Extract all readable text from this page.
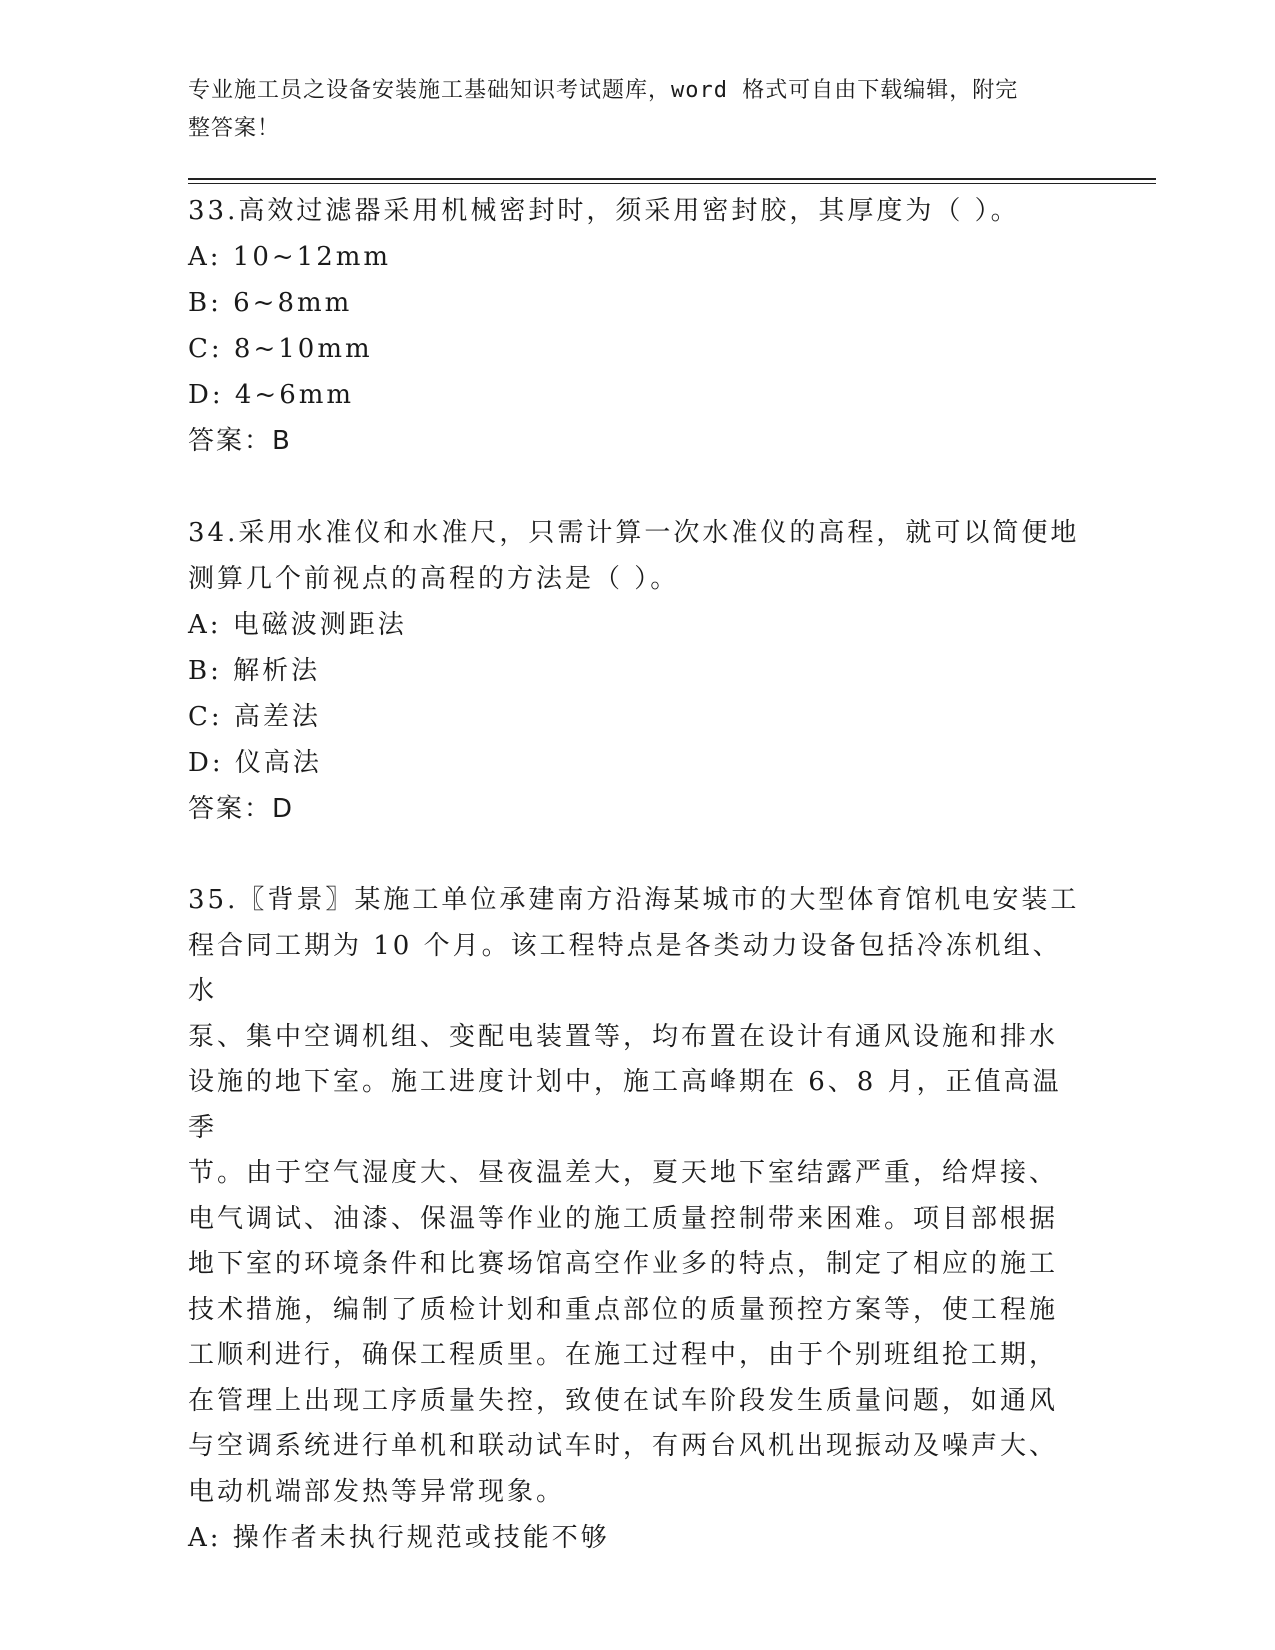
专业施工员之设备安装施工基础知识考试题库，word 格式可自由下载编辑，附完
整答案！

33.高效过滤器采用机械密封时，须采用密封胶，其厚度为（ ）。

A: 10~12mm

B: 6~8mm

C: 8~10mm

D: 4~6mm

答案：B

34.采用水准仪和水准尺，只需计算一次水准仪的高程，就可以简便地

测算几个前视点的高程的方法是（ ）。

A: 电磁波测距法

B: 解析法

C: 高差法

D: 仪高法

答案：D

35.〖背景〗某施工单位承建南方沿海某城市的大型体育馆机电安装工

程合同工期为 10 个月。该工程特点是各类动力设备包括冷冻机组、水

泵、集中空调机组、变配电装置等，均布置在设计有通风设施和排水

设施的地下室。施工进度计划中，施工高峰期在 6、8 月，正值高温季

节。由于空气湿度大、昼夜温差大，夏天地下室结露严重，给焊接、

电气调试、油漆、保温等作业的施工质量控制带来困难。项目部根据

地下室的环境条件和比赛场馆高空作业多的特点，制定了相应的施工

技术措施，编制了质检计划和重点部位的质量预控方案等，使工程施

工顺利进行，确保工程质里。在施工过程中，由于个别班组抢工期，

在管理上出现工序质量失控，致使在试车阶段发生质量问题，如通风

与空调系统进行单机和联动试车时，有两台风机出现振动及噪声大、

电动机端部发热等异常现象。

A: 操作者未执行规范或技能不够
